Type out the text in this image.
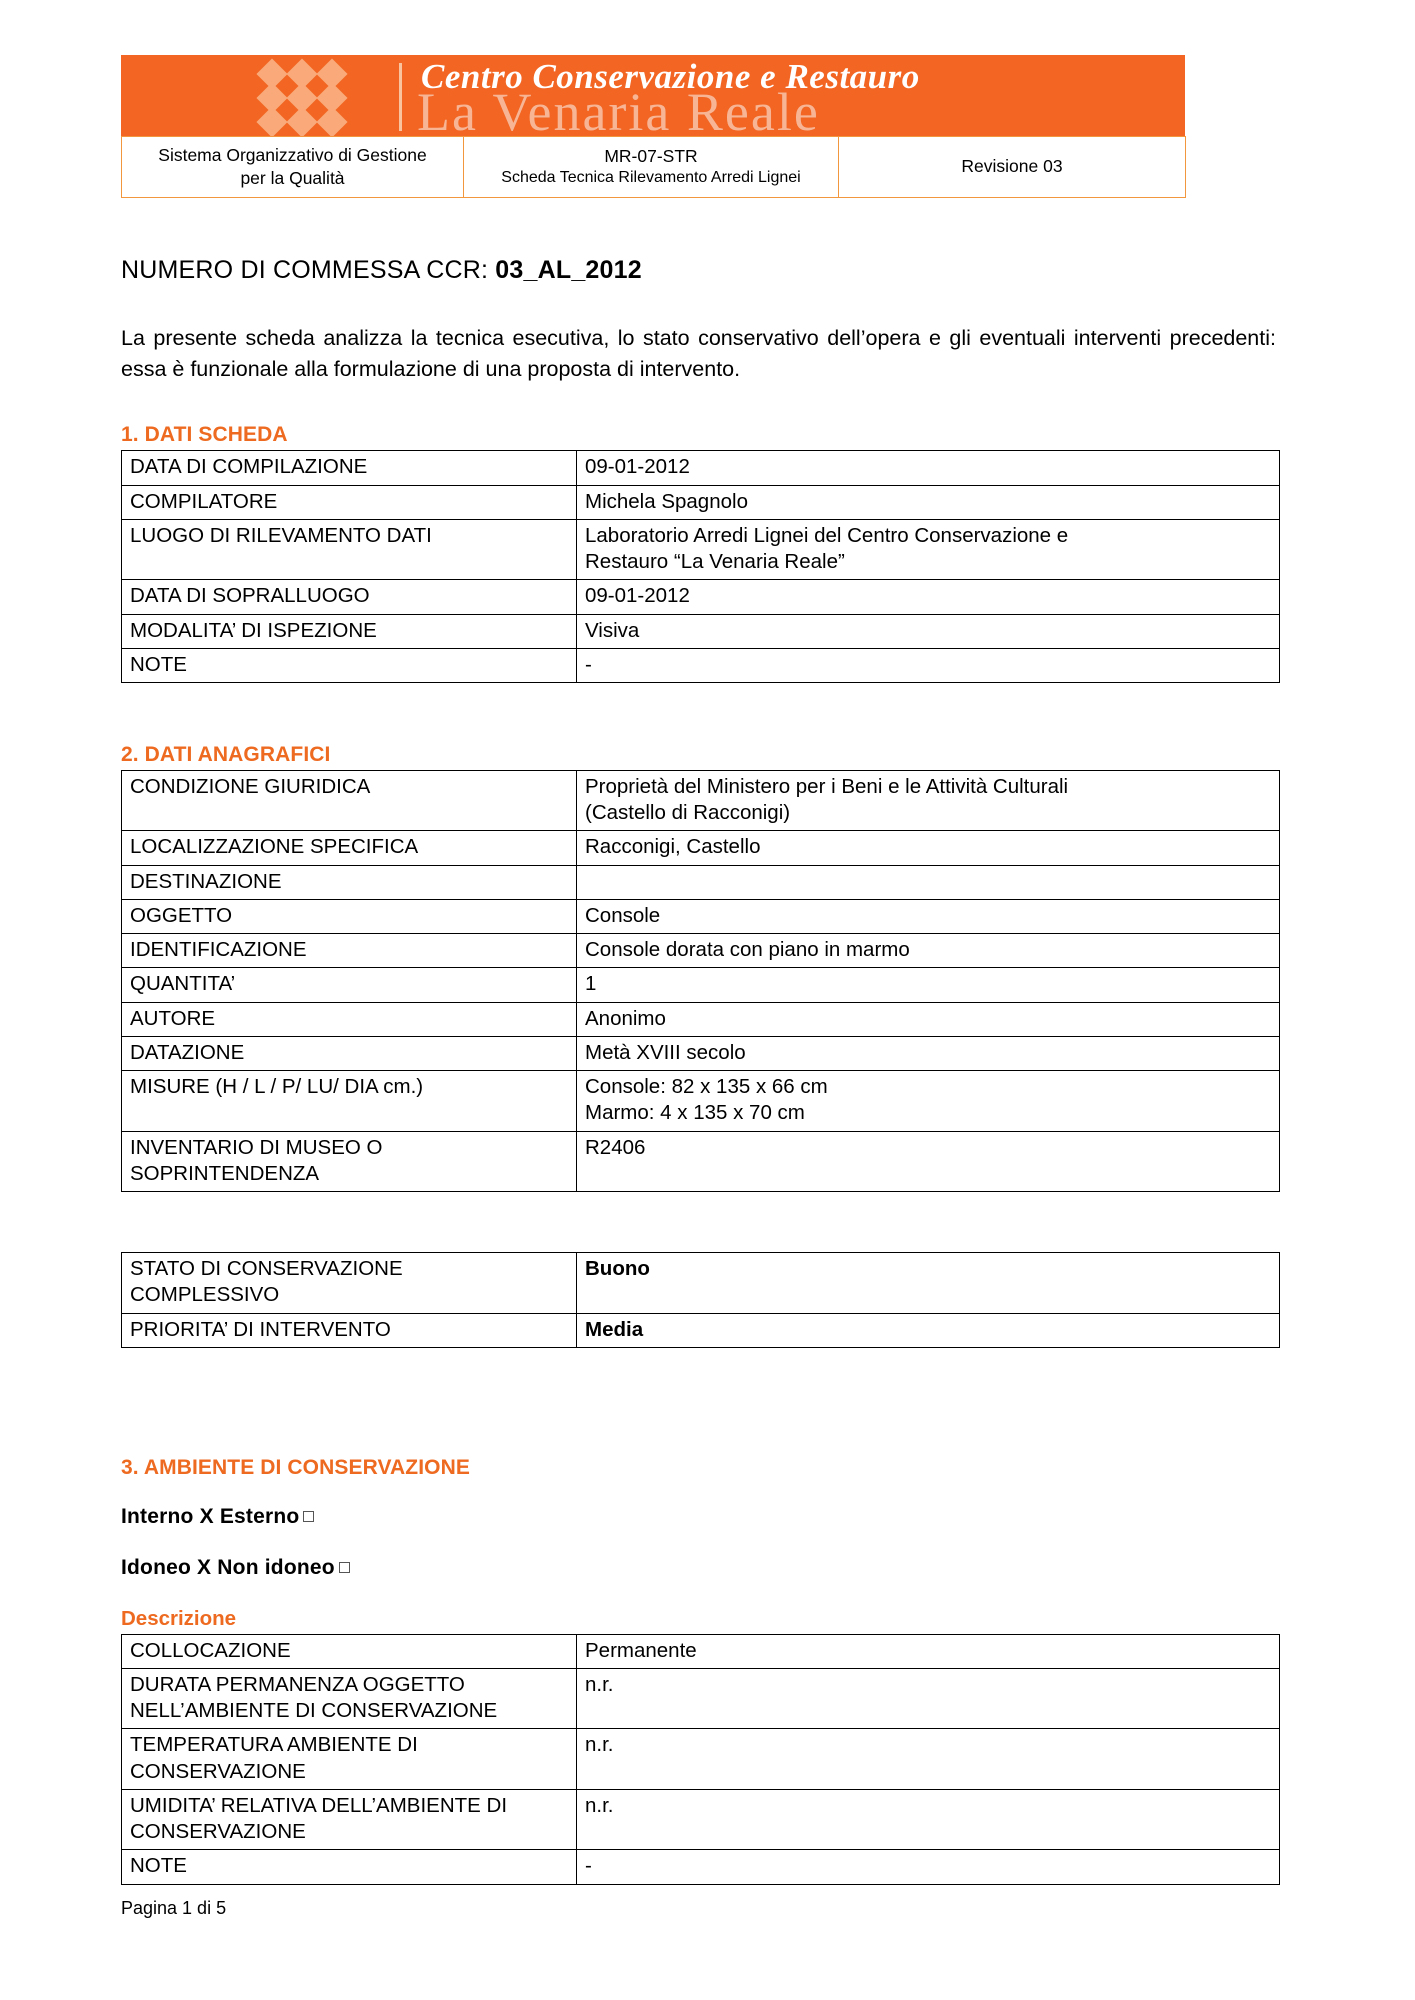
Centro Conservazione e Restauro
La Venaria Reale
Sistema Organizzativo di Gestione
per la Qualità

MR-07-STR
Scheda Tecnica Rilevamento Arredi Lignei
	Revisione 03

NUMERO DI COMMESSA CCR: 03_AL_2012

La presente scheda analizza la tecnica esecutiva, lo stato conservativo dell’opera e gli eventuali interventi precedenti: essa è funzionale alla formulazione di una proposta di intervento.

1. DATI SCHEDA
DATA DI COMPILAZIONE	09-01-2012
COMPILATORE	Michela Spagnolo
LUOGO DI RILEVAMENTO DATI	Laboratorio Arredi Lignei del Centro Conservazione e
Restauro “La Venaria Reale”

DATA DI SOPRALLUOGO	09-01-2012
MODALITA’ DI ISPEZIONE	Visiva
NOTE	-
2. DATI ANAGRAFICI
CONDIZIONE GIURIDICA	Proprietà del Ministero per i Beni e le Attività Culturali
(Castello di Racconigi)

LOCALIZZAZIONE SPECIFICA	Racconigi, Castello
DESTINAZIONE	
OGGETTO	Console
IDENTIFICAZIONE	Console dorata con piano in marmo
QUANTITA’	1
AUTORE	Anonimo
DATAZIONE	Metà XVIII secolo
MISURE (H / L / P/ LU/ DIA cm.)	Console: 82 x 135 x 66 cm
Marmo: 4 x 135 x 70 cm

INVENTARIO DI MUSEO O
SOPRINTENDENZA	R2406
STATO DI CONSERVAZIONE
COMPLESSIVO	Buono
PRIORITA’ DI INTERVENTO	Media
3. AMBIENTE DI CONSERVAZIONE
Interno X Esterno
Idoneo X Non idoneo
Descrizione
COLLOCAZIONE	Permanente

DURATA PERMANENZA OGGETTO
NELL’AMBIENTE DI CONSERVAZIONE	n.r.

TEMPERATURA AMBIENTE DI
CONSERVAZIONE	n.r.

UMIDITA’ RELATIVA DELL’AMBIENTE DI
CONSERVAZIONE	n.r.
NOTE	-
Pagina 1 di 5
